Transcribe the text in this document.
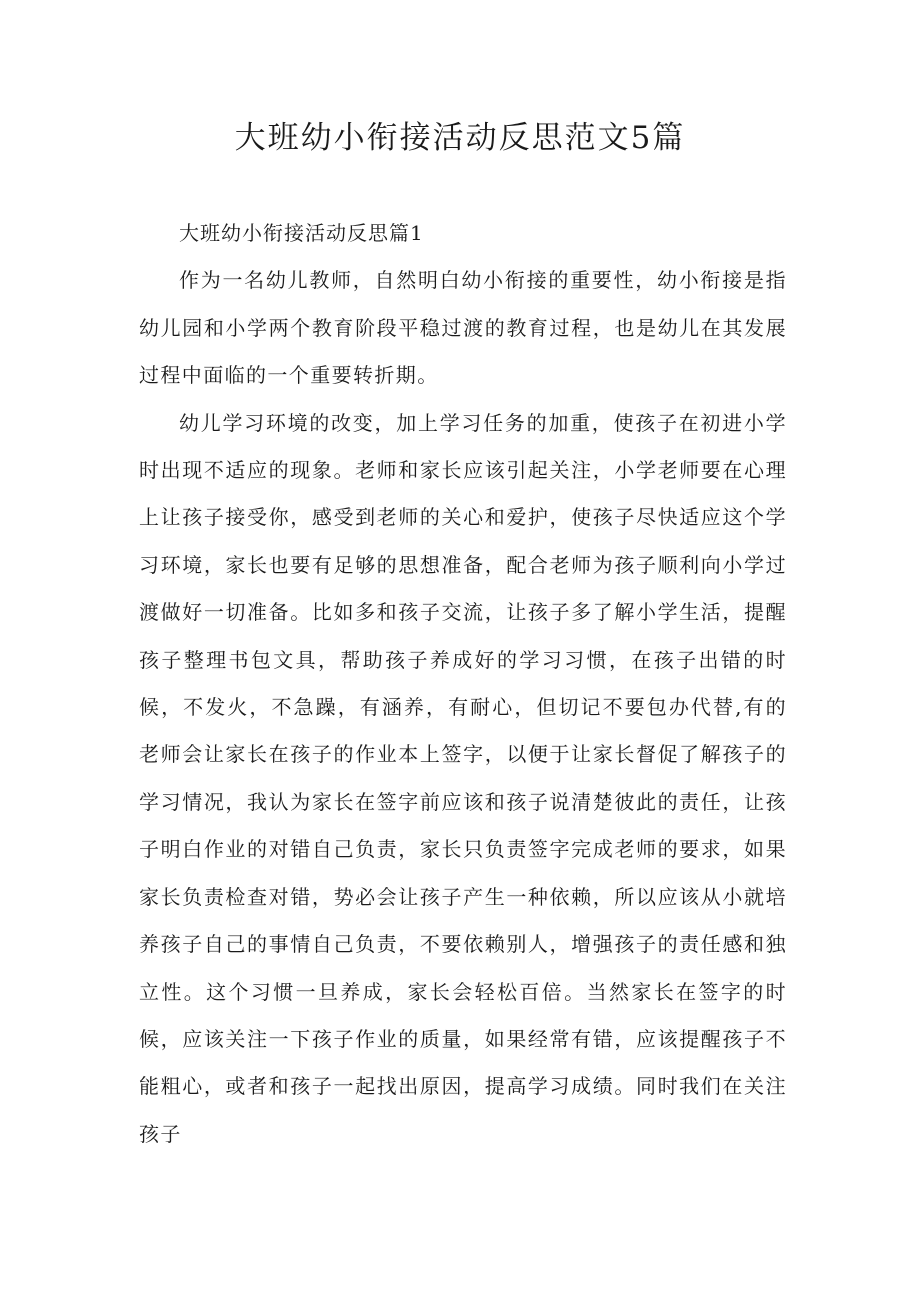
大班幼小衔接活动反思范文5篇

大班幼小衔接活动反思篇1

作为一名幼儿教师，自然明白幼小衔接的重要性，幼小衔接是指幼儿园和小学两个教育阶段平稳过渡的教育过程，也是幼儿在其发展过程中面临的一个重要转折期。

幼儿学习环境的改变，加上学习任务的加重，使孩子在初进小学时出现不适应的现象。老师和家长应该引起关注，小学老师要在心理上让孩子接受你，感受到老师的关心和爱护，使孩子尽快适应这个学习环境，家长也要有足够的思想准备，配合老师为孩子顺利向小学过渡做好一切准备。比如多和孩子交流，让孩子多了解小学生活，提醒孩子整理书包文具，帮助孩子养成好的学习习惯，在孩子出错的时候，不发火，不急躁，有涵养，有耐心，但切记不要包办代替,有的老师会让家长在孩子的作业本上签字，以便于让家长督促了解孩子的学习情况，我认为家长在签字前应该和孩子说清楚彼此的责任，让孩子明白作业的对错自己负责，家长只负责签字完成老师的要求，如果家长负责检查对错，势必会让孩子产生一种依赖，所以应该从小就培养孩子自己的事情自己负责，不要依赖别人，增强孩子的责任感和独立性。这个习惯一旦养成，家长会轻松百倍。当然家长在签字的时候，应该关注一下孩子作业的质量，如果经常有错，应该提醒孩子不能粗心，或者和孩子一起找出原因，提高学习成绩。同时我们在关注孩子
